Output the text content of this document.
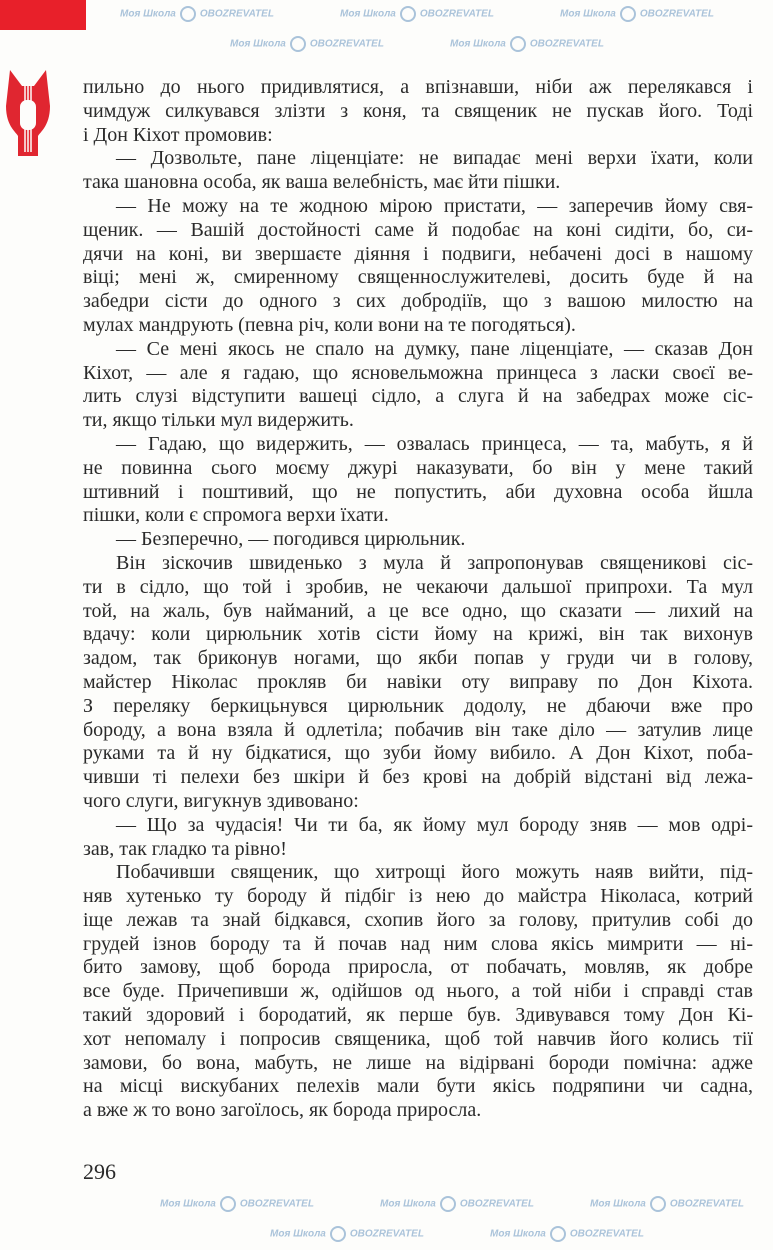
Моя Школа OBOZREVATEL	Моя Школа OBOZREVATEL	Моя Школа OBOZREVATEL
Моя Школа OBOZREVATEL	Моя Школа OBOZREVATEL
Моя Школа OBOZREVATEL	Моя Школа OBOZREVATEL	Моя Школа OBOZREVATEL
Моя Школа OBOZREVATEL	Моя Школа OBOZREVATEL
пильно до нього придивлятися, а впізнавши, ніби аж перелякався і
чимдуж силкувався злізти з коня, та священик не пускав його. Тоді
і Дон Кіхот промовив:
— Дозвольте, пане ліценціате: не випадає мені верхи їхати, коли
така шановна особа, як ваша велебність, має йти пішки.
— Не можу на те жодною мірою пристати, — заперечив йому свя-
щеник. — Вашій достойності саме й подобає на коні сидіти, бо, си-
дячи на коні, ви звершаєте діяння і подвиги, небачені досі в нашому
віці; мені ж, смиренному священнослужителеві, досить буде й на
забедри сісти до одного з сих добродіїв, що з вашою милостю на
мулах мандрують (певна річ, коли вони на те погодяться).
— Се мені якось не спало на думку, пане ліценціате, — сказав Дон
Кіхот, — але я гадаю, що ясновельможна принцеса з ласки своєї ве-
лить слузі відступити вашеці сідло, а слуга й на забедрах може сіс-
ти, якщо тільки мул видержить.
— Гадаю, що видержить, — озвалась принцеса, — та, мабуть, я й
не повинна сього моєму джурі наказувати, бо він у мене такий
штивний і поштивий, що не попустить, аби духовна особа йшла
пішки, коли є спромога верхи їхати.
— Безперечно, — погодився цирюльник.
Він зіскочив швиденько з мула й запропонував священикові сіс-
ти в сідло, що той і зробив, не чекаючи дальшої припрохи. Та мул
той, на жаль, був найманий, а це все одно, що сказати — лихий на
вдачу: коли цирюльник хотів сісти йому на крижі, він так вихонув
задом, так бриконув ногами, що якби попав у груди чи в голову,
майстер Ніколас прокляв би навіки оту виправу по Дон Кіхота.
З переляку беркицьнувся цирюльник додолу, не дбаючи вже про
бороду, а вона взяла й одлетіла; побачив він таке діло — затулив лице
руками та й ну бідкатися, що зуби йому вибило. А Дон Кіхот, поба-
чивши ті пелехи без шкіри й без крові на добрій відстані від лежа-
чого слуги, вигукнув здивовано:
— Що за чудасія! Чи ти ба, як йому мул бороду зняв — мов одрі-
зав, так гладко та рівно!
Побачивши священик, що хитрощі його можуть наяв вийти, під-
няв хутенько ту бороду й підбіг із нею до майстра Ніколаса, котрий
іще лежав та знай бідкався, схопив його за голову, притулив собі до
грудей ізнов бороду та й почав над ним слова якісь мимрити — ні-
бито замову, щоб борода приросла, от побачать, мовляв, як добре
все буде. Причепивши ж, одійшов од нього, а той ніби і справді став
такий здоровий і бородатий, як перше був. Здивувався тому Дон Кі-
хот непомалу і попросив священика, щоб той навчив його колись тії
замови, бо вона, мабуть, не лише на відірвані бороди помічна: адже
на місці вискубаних пелехів мали бути якісь подряпини чи садна,
а вже ж то воно загоїлось, як борода приросла.
296
